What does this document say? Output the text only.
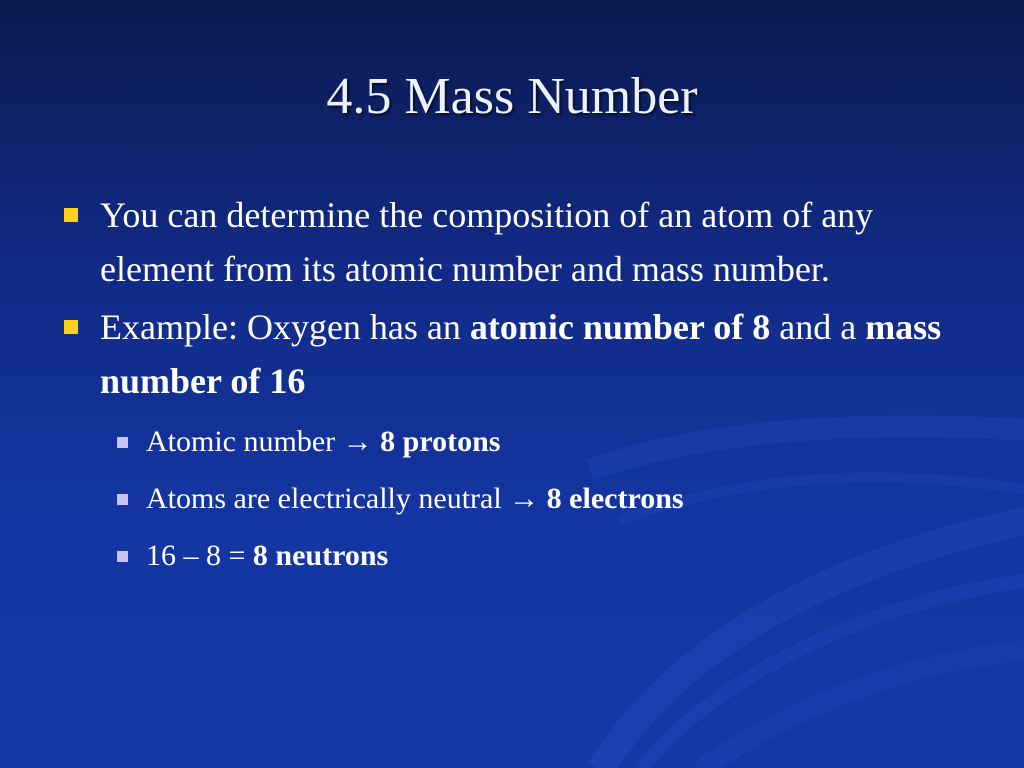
4.5 Mass Number
You can determine the composition of an atom of any element from its atomic number and mass number.
Example: Oxygen has an atomic number of 8 and a mass number of 16
Atomic number → 8 protons
Atoms are electrically neutral → 8 electrons
16 – 8 = 8 neutrons
